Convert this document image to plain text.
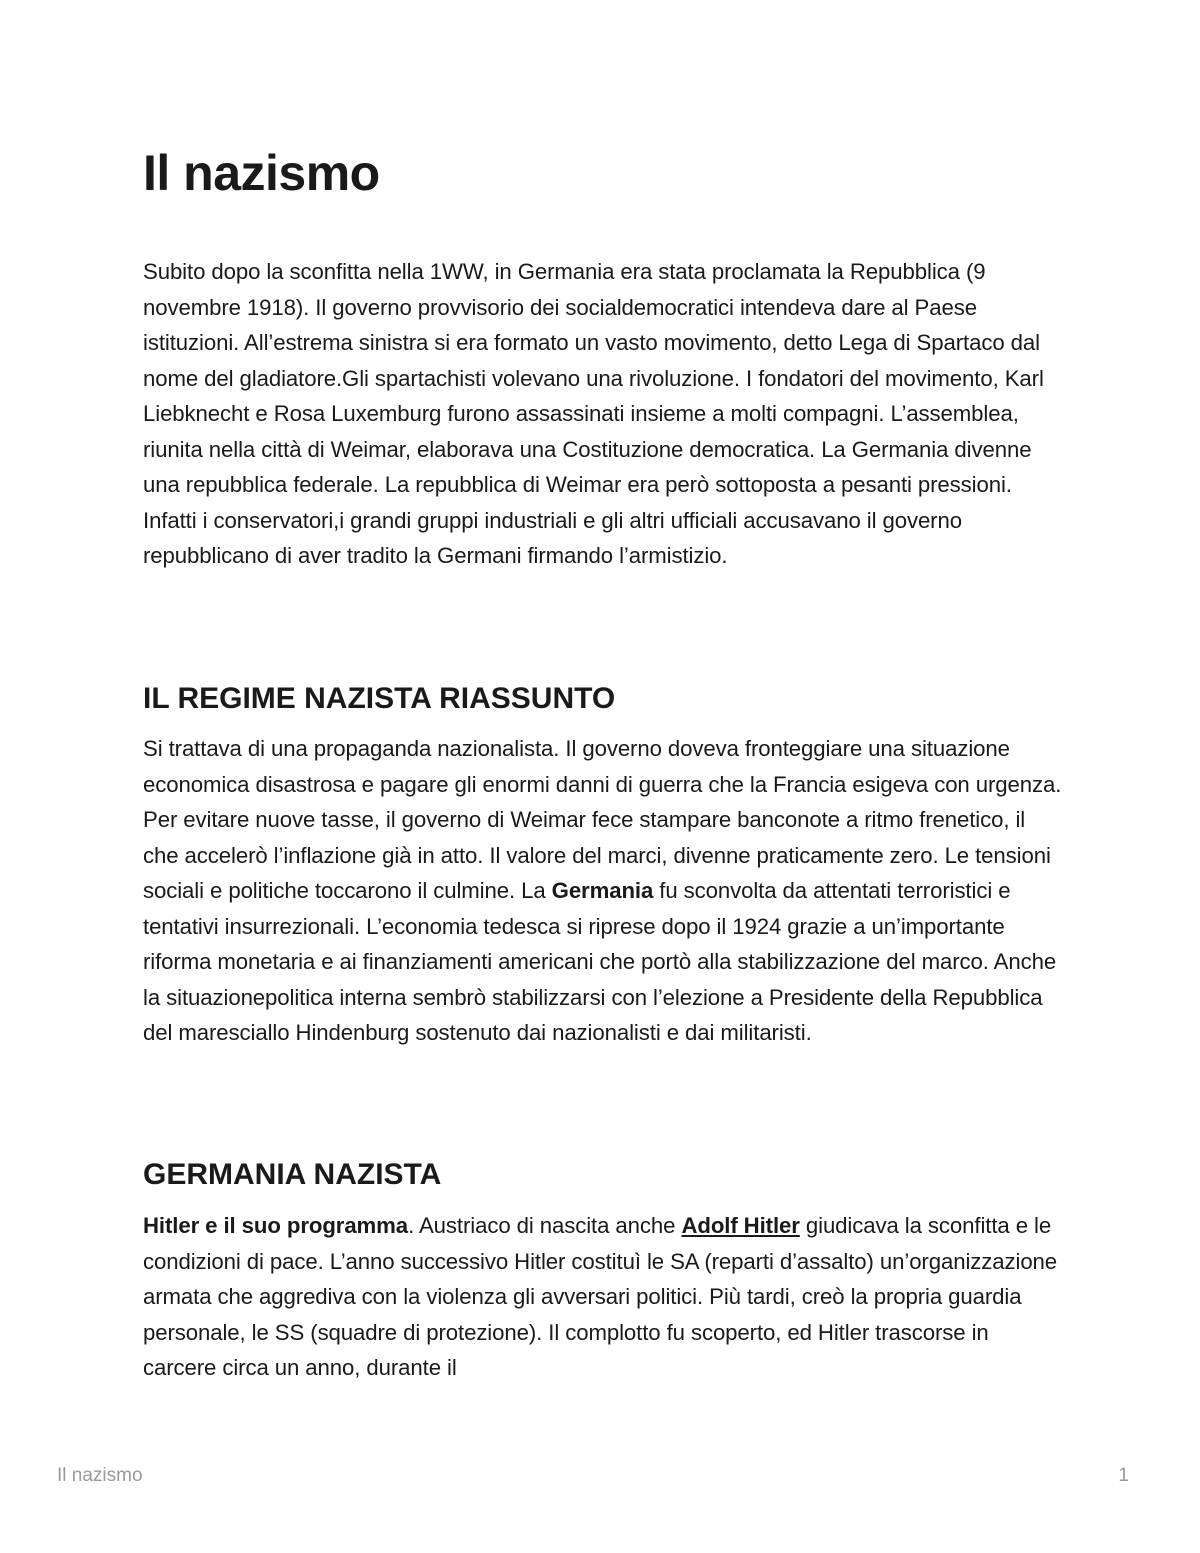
Il nazismo

Subito dopo la sconfitta nella 1WW, in Germania era stata proclamata la Repubblica (9 novembre 1918). Il governo provvisorio dei socialdemocratici intendeva dare al Paese istituzioni. All’estrema sinistra si era formato un vasto movimento, detto Lega di Spartaco dal nome del gladiatore.Gli spartachisti volevano una rivoluzione. I fondatori del movimento, Karl Liebknecht e Rosa Luxemburg furono assassinati insieme a molti compagni. L’assemblea, riunita nella città di Weimar, elaborava una Costituzione democratica. La Germania divenne una repubblica federale. La repubblica di Weimar era però sottoposta a pesanti pressioni. Infatti i conservatori,i grandi gruppi industriali e gli altri ufficiali accusavano il governo repubblicano di aver tradito la Germani firmando l’armistizio.

IL REGIME NAZISTA RIASSUNTO

Si trattava di una propaganda nazionalista. Il governo doveva fronteggiare una situazione economica disastrosa e pagare gli enormi danni di guerra che la Francia esigeva con urgenza. Per evitare nuove tasse, il governo di Weimar fece stampare banconote a ritmo frenetico, il che accelerò l’inflazione già in atto. Il valore del marci, divenne praticamente zero. Le tensioni sociali e politiche toccarono il culmine. La Germania fu sconvolta da attentati terroristici e tentativi insurrezionali. L’economia tedesca si riprese dopo il 1924 grazie a un’importante riforma monetaria e ai finanziamenti americani che portò alla stabilizzazione del marco. Anche la situazionepolitica interna sembrò stabilizzarsi con l’elezione a Presidente della Repubblica del maresciallo Hindenburg sostenuto dai nazionalisti e dai militaristi.

GERMANIA NAZISTA

Hitler e il suo programma. Austriaco di nascita anche Adolf Hitler giudicava la sconfitta e le condizioni di pace. L’anno successivo Hitler costituì le SA (reparti d’assalto) un’organizzazione armata che aggrediva con la violenza gli avversari politici. Più tardi, creò la propria guardia personale, le SS (squadre di protezione). Il complotto fu scoperto, ed Hitler trascorse in carcere circa un anno, durante il

Il nazismo	1
